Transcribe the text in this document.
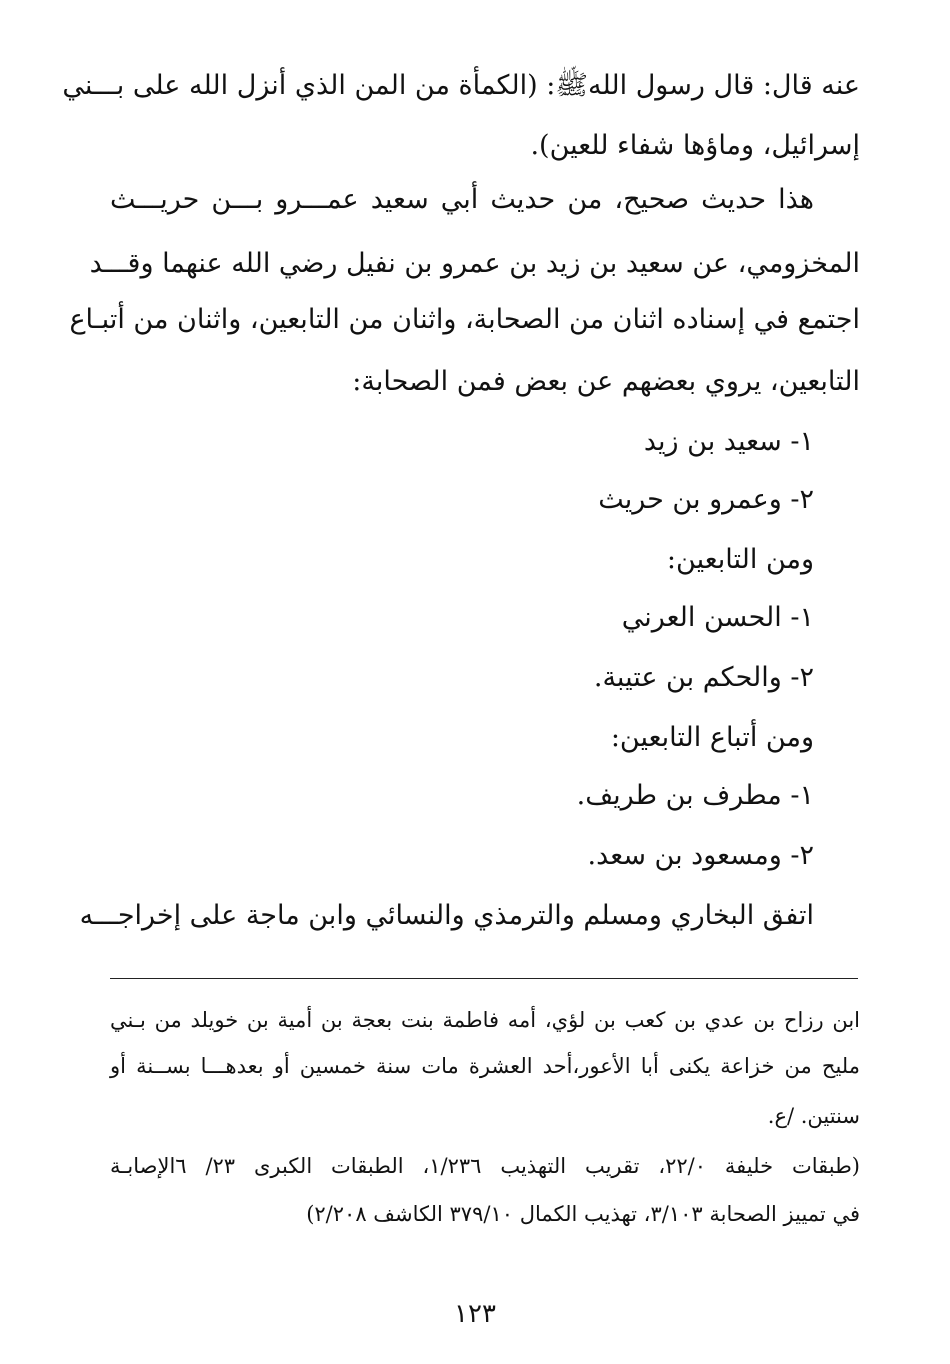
عنه قال: قال رسول اللهﷺ: (الكمأة من المن الذي أنزل الله على بـــني

إسرائيل، وماؤها شفاء للعين).

هذا حديث صحيح، من حديث أبي سعيد عمـــرو بـــن حريـــث

المخزومي، عن سعيد بن زيد بن عمرو بن نفيل رضي الله عنهما وقـــد

اجتمع في إسناده اثنان من الصحابة، واثنان من التابعين، واثنان من أتبـاع

التابعين، يروي بعضهم عن بعض فمن الصحابة:

١- سعيد بن زيد

٢- وعمرو بن حريث

ومن التابعين:

١- الحسن العرني

٢- والحكم بن عتيبة.

ومن أتباع التابعين:

١- مطرف بن طريف.

٢- ومسعود بن سعد.

اتفق البخاري ومسلم والترمذي والنسائي وابن ماجة على إخراجـــه

ابن رزاح بن عدي بن كعب بن لؤي، أمه فاطمة بنت بعجة بن أمية بن خويلد من بـني

مليح من خزاعة يكنى أبا الأعور،أحد العشرة مات سنة خمسين أو بعدهـــا بســنة أو

سنتين. /ع.

(طبقات خليفة ٢٢/٠، تقريب التهذيب ١/٢٣٦، الطبقات الكبرى ٢٣/ ٦الإصابـة

في تمييز الصحابة ٣/١٠٣، تهذيب الكمال ٣٧٩/١٠ الكاشف ٢/٢٠٨)

١٢٣
